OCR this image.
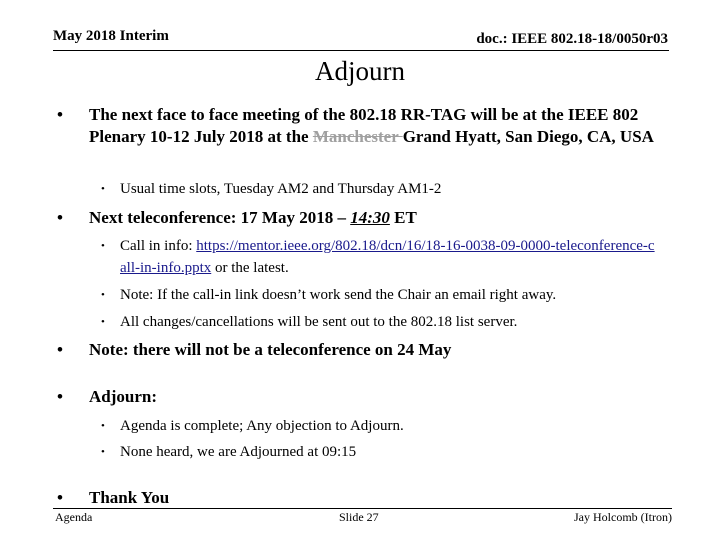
May 2018 Interim	doc.: IEEE 802.18-18/0050r03
Adjourn
• The next face to face meeting of the 802.18 RR-TAG will be at the IEEE 802 Plenary 10-12 July 2018 at the Manchester Grand Hyatt, San Diego, CA, USA
• Usual time slots, Tuesday AM2 and Thursday AM1-2
• Next teleconference: 17 May 2018 – 14:30 ET
• Call in info: https://mentor.ieee.org/802.18/dcn/16/18-16-0038-09-0000-teleconference-call-in-info.pptx or the latest.
• Note: If the call-in link doesn’t work send the Chair an email right away.
• All changes/cancellations will be sent out to the 802.18 list server.
• Note: there will not be a teleconference on 24 May
• Adjourn:
• Agenda is complete; Any objection to Adjourn.
• None heard, we are Adjourned at 09:15
• Thank You
Agenda	Slide 27	Jay Holcomb (Itron)
